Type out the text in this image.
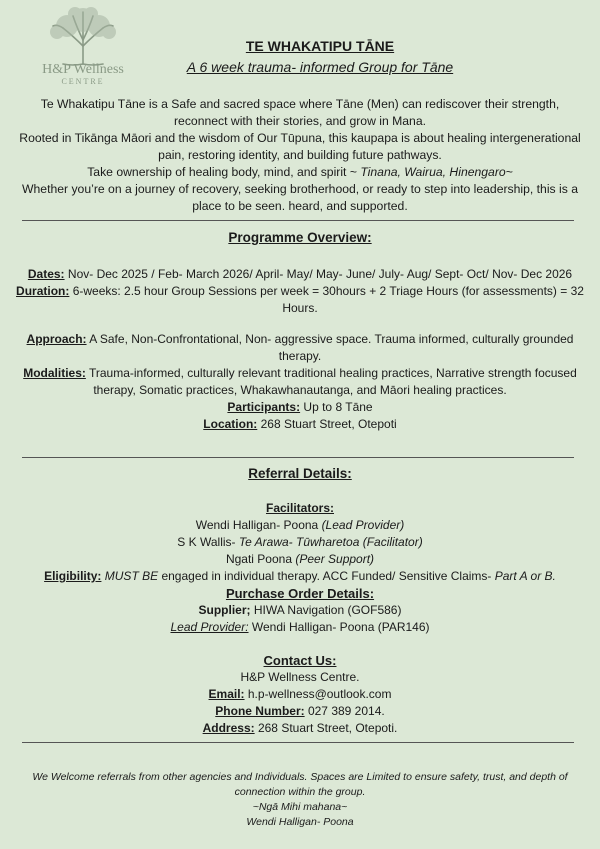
H&P Wellness
CENTRE
TE WHAKATIPU TĀNE
A 6 week trauma- informed Group for Tāne
Te Whakatipu Tāne is a Safe and sacred space where Tāne (Men) can rediscover their strength, reconnect with their stories, and grow in Mana.
Rooted in Tikānga Māori and the wisdom of Our Tūpuna, this kaupapa is about healing intergenerational pain, restoring identity, and building future pathways.
Take ownership of healing body, mind, and spirit ~ Tinana, Wairua, Hinengaro~
Whether you’re on a journey of recovery, seeking brotherhood, or ready to step into leadership, this is a place to be seen. heard, and supported.
Programme Overview:
Dates: Nov- Dec 2025 / Feb- March 2026/ April- May/ May- June/ July- Aug/ Sept- Oct/ Nov- Dec 2026
Duration: 6-weeks: 2.5 hour Group Sessions per week = 30hours + 2 Triage Hours (for assessments) = 32 Hours.
Approach: A Safe, Non-Confrontational, Non- aggressive space. Trauma informed, culturally grounded therapy.
Modalities: Trauma-informed, culturally relevant traditional healing practices, Narrative strength focused therapy, Somatic practices, Whakawhanautanga, and Māori healing practices.
Participants: Up to 8 Tāne
Location: 268 Stuart Street, Otepoti
Referral Details:
Facilitators:
Wendi Halligan- Poona (Lead Provider)
S K Wallis- Te Arawa- Tūwharetoa (Facilitator)
Ngati Poona (Peer Support)
Eligibility: MUST BE engaged in individual therapy. ACC Funded/ Sensitive Claims- Part A or B.
Purchase Order Details:
Supplier; HIWA Navigation (GOF586)
Lead Provider: Wendi Halligan- Poona (PAR146)
Contact Us:
H&P Wellness Centre.
Email: h.p-wellness@outlook.com
Phone Number: 027 389 2014.
Address: 268 Stuart Street, Otepoti.
We Welcome referrals from other agencies and Individuals. Spaces are Limited to ensure safety, trust, and depth of connection within the group.
~Ngā Mihi mahana~
Wendi Halligan- Poona
